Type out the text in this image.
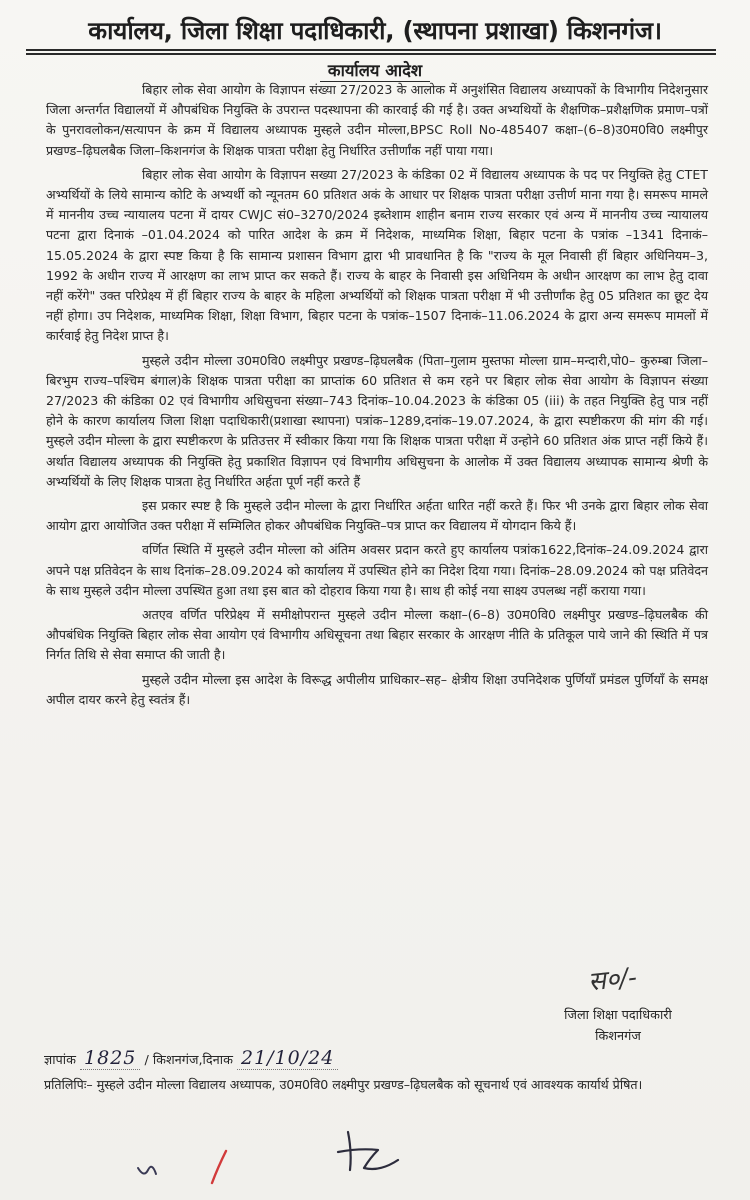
कार्यालय, जिला शिक्षा पदाधिकारी, (स्थापना प्रशाखा) किशनगंज।
कार्यालय आदेश

बिहार लोक सेवा आयोग के विज्ञापन संख्या 27/2023 के आलोक में अनुशंसित विद्यालय अध्यापकों के विभागीय निदेशनुसार जिला अन्तर्गत विद्यालयों में औपबंधिक नियुक्ति के उपरान्त पदस्थापना की कारवाई की गई है। उक्त अभ्यथियों के शैक्षणिक–प्रशैक्षणिक प्रमाण–पत्रों के पुनरावलोकन/सत्यापन के क्रम में विद्यालय अध्यापक मुस्हले उदीन मोल्ला,BPSC Roll No-485407 कक्षा–(6–8)उ0म0वि0 लक्ष्मीपुर प्रखण्ड–ढ़िघलबैक जिला–किशनगंज के शिक्षक पात्रता परीक्षा हेतु निर्धारित उत्तीर्णांक नहीं पाया गया।

बिहार लोक सेवा आयोग के विज्ञापन सख्या 27/2023 के कंडिका 02 में विद्यालय अध्यापक के पद पर नियुक्ति हेतु CTET अभ्यर्थियों के लिये सामान्य कोटि के अभ्यर्थी को न्यूनतम 60 प्रतिशत अकं के आधार पर शिक्षक पात्रता परीक्षा उत्तीर्ण माना गया है। समरूप मामले में माननीय उच्च न्यायालय पटना में दायर CWJC सं0–3270/2024 इब्तेशाम शाहीन बनाम राज्य सरकार एवं अन्य में माननीय उच्च न्यायालय पटना द्वारा दिनाकं –01.04.2024 को पारित आदेश के क्रम में निदेशक, माध्यमिक शिक्षा, बिहार पटना के पत्रांक –1341 दिनाकं–15.05.2024 के द्वारा स्पष्ट किया है कि सामान्य प्रशासन विभाग द्वारा भी प्रावधानित है कि "राज्य के मूल निवासी हीं बिहार अधिनियम–3, 1992 के अधीन राज्य में आरक्षण का लाभ प्राप्त कर सकते हैं। राज्य के बाहर के निवासी इस अधिनियम के अधीन आरक्षण का लाभ हेतु दावा नहीं करेंगे" उक्त परिप्रेक्ष्य में हीं बिहार राज्य के बाहर के महिला अभ्यर्थियों को शिक्षक पात्रता परीक्षा में भी उत्तीर्णांक हेतु 05 प्रतिशत का छूट देय नहीं होगा। उप निदेशक, माध्यमिक शिक्षा, शिक्षा विभाग, बिहार पटना के पत्रांक–1507 दिनाकं–11.06.2024 के द्वारा अन्य समरूप मामलों में कार्रवाई हेतु निदेश प्राप्त है।

मुस्हले उदीन मोल्ला उ0म0वि0 लक्ष्मीपुर प्रखण्ड–ढ़िघलबैक (पिता–गुलाम मुस्तफा मोल्ला ग्राम–मन्दारी,पो0– कुरुम्बा जिला–बिरभुम राज्य–पश्चिम बंगाल)के शिक्षक पात्रता परीक्षा का प्राप्तांक 60 प्रतिशत से कम रहने पर बिहार लोक सेवा आयोग के विज्ञापन संख्या 27/2023 की कंडिका 02 एवं विभागीय अधिसुचना संख्या–743 दिनांक–10.04.2023 के कंडिका 05 (iii) के तहत नियुक्ति हेतु पात्र नहीं होने के कारण कार्यालय जिला शिक्षा पदाधिकारी(प्रशाखा स्थापना) पत्रांक–1289,दनांक–19.07.2024, के द्वारा स्पष्टीकरण की मांग की गई। मुस्हले उदीन मोल्ला के द्वारा स्पष्टीकरण के प्रतिउत्तर में स्वीकार किया गया कि शिक्षक पात्रता परीक्षा में उन्होने 60 प्रतिशत अंक प्राप्त नहीं किये हैं। अर्थात विद्यालय अध्यापक की नियुक्ति हेतु प्रकाशित विज्ञापन एवं विभागीय अधिसुचना के आलोक में उक्त विद्यालय अध्यापक सामान्य श्रेणी के अभ्यर्थियों के लिए शिक्षक पात्रता हेतु निर्धारित अर्हता पूर्ण नहीं करते हैं

इस प्रकार स्पष्ट है कि मुस्हले उदीन मोल्ला के द्वारा निर्धारित अर्हता धारित नहीं करते हैं। फिर भी उनके द्वारा बिहार लोक सेवा आयोग द्वारा आयोजित उक्त परीक्षा में सम्मिलित होकर औपबंधिक नियुक्ति–पत्र प्राप्त कर विद्यालय में योगदान किये हैं।

वर्णित स्थिति में मुस्हले उदीन मोल्ला को अंतिम अवसर प्रदान करते हुए कार्यालय पत्रांक1622,दिनांक–24.09.2024 द्वारा अपने पक्ष प्रतिवेदन के साथ दिनांक–28.09.2024 को कार्यालय में उपस्थित होने का निदेश दिया गया। दिनांक–28.09.2024 को पक्ष प्रतिवेदन के साथ मुस्हले उदीन मोल्ला उपस्थित हुआ तथा इस बात को दोहराव किया गया है। साथ ही कोई नया साक्ष्य उपलब्ध नहीं कराया गया।

अतएव वर्णित परिप्रेक्ष्य में समीक्षोपरान्त मुस्हले उदीन मोल्ला कक्षा–(6–8) उ0म0वि0 लक्ष्मीपुर प्रखण्ड–ढ़िघलबैक की औपबंधिक नियुक्ति बिहार लोक सेवा आयोग एवं विभागीय अधिसूचना तथा बिहार सरकार के आरक्षण नीति के प्रतिकूल पाये जाने की स्थिति में पत्र निर्गत तिथि से सेवा समाप्त की जाती है।

मुस्हले उदीन मोल्ला इस आदेश के विरूद्ध अपीलीय प्राधिकार–सह– क्षेत्रीय शिक्षा उपनिदेशक पुर्णियाँ प्रमंडल पुर्णियाँ के समक्ष अपील दायर करने हेतु स्वतंत्र हैं।

स०/-
जिला शिक्षा पदाधिकारी
किशनगंज
ज्ञापांक 1825 / किशनगंज,दिनाक 21/10/24
प्रतिलिपिः– मुस्हले उदीन मोल्ला विद्यालय अध्यापक, उ0म0वि0 लक्ष्मीपुर प्रखण्ड–ढ़िघलबैक को सूचनार्थ एवं आवश्यक कार्यार्थ प्रेषित।
